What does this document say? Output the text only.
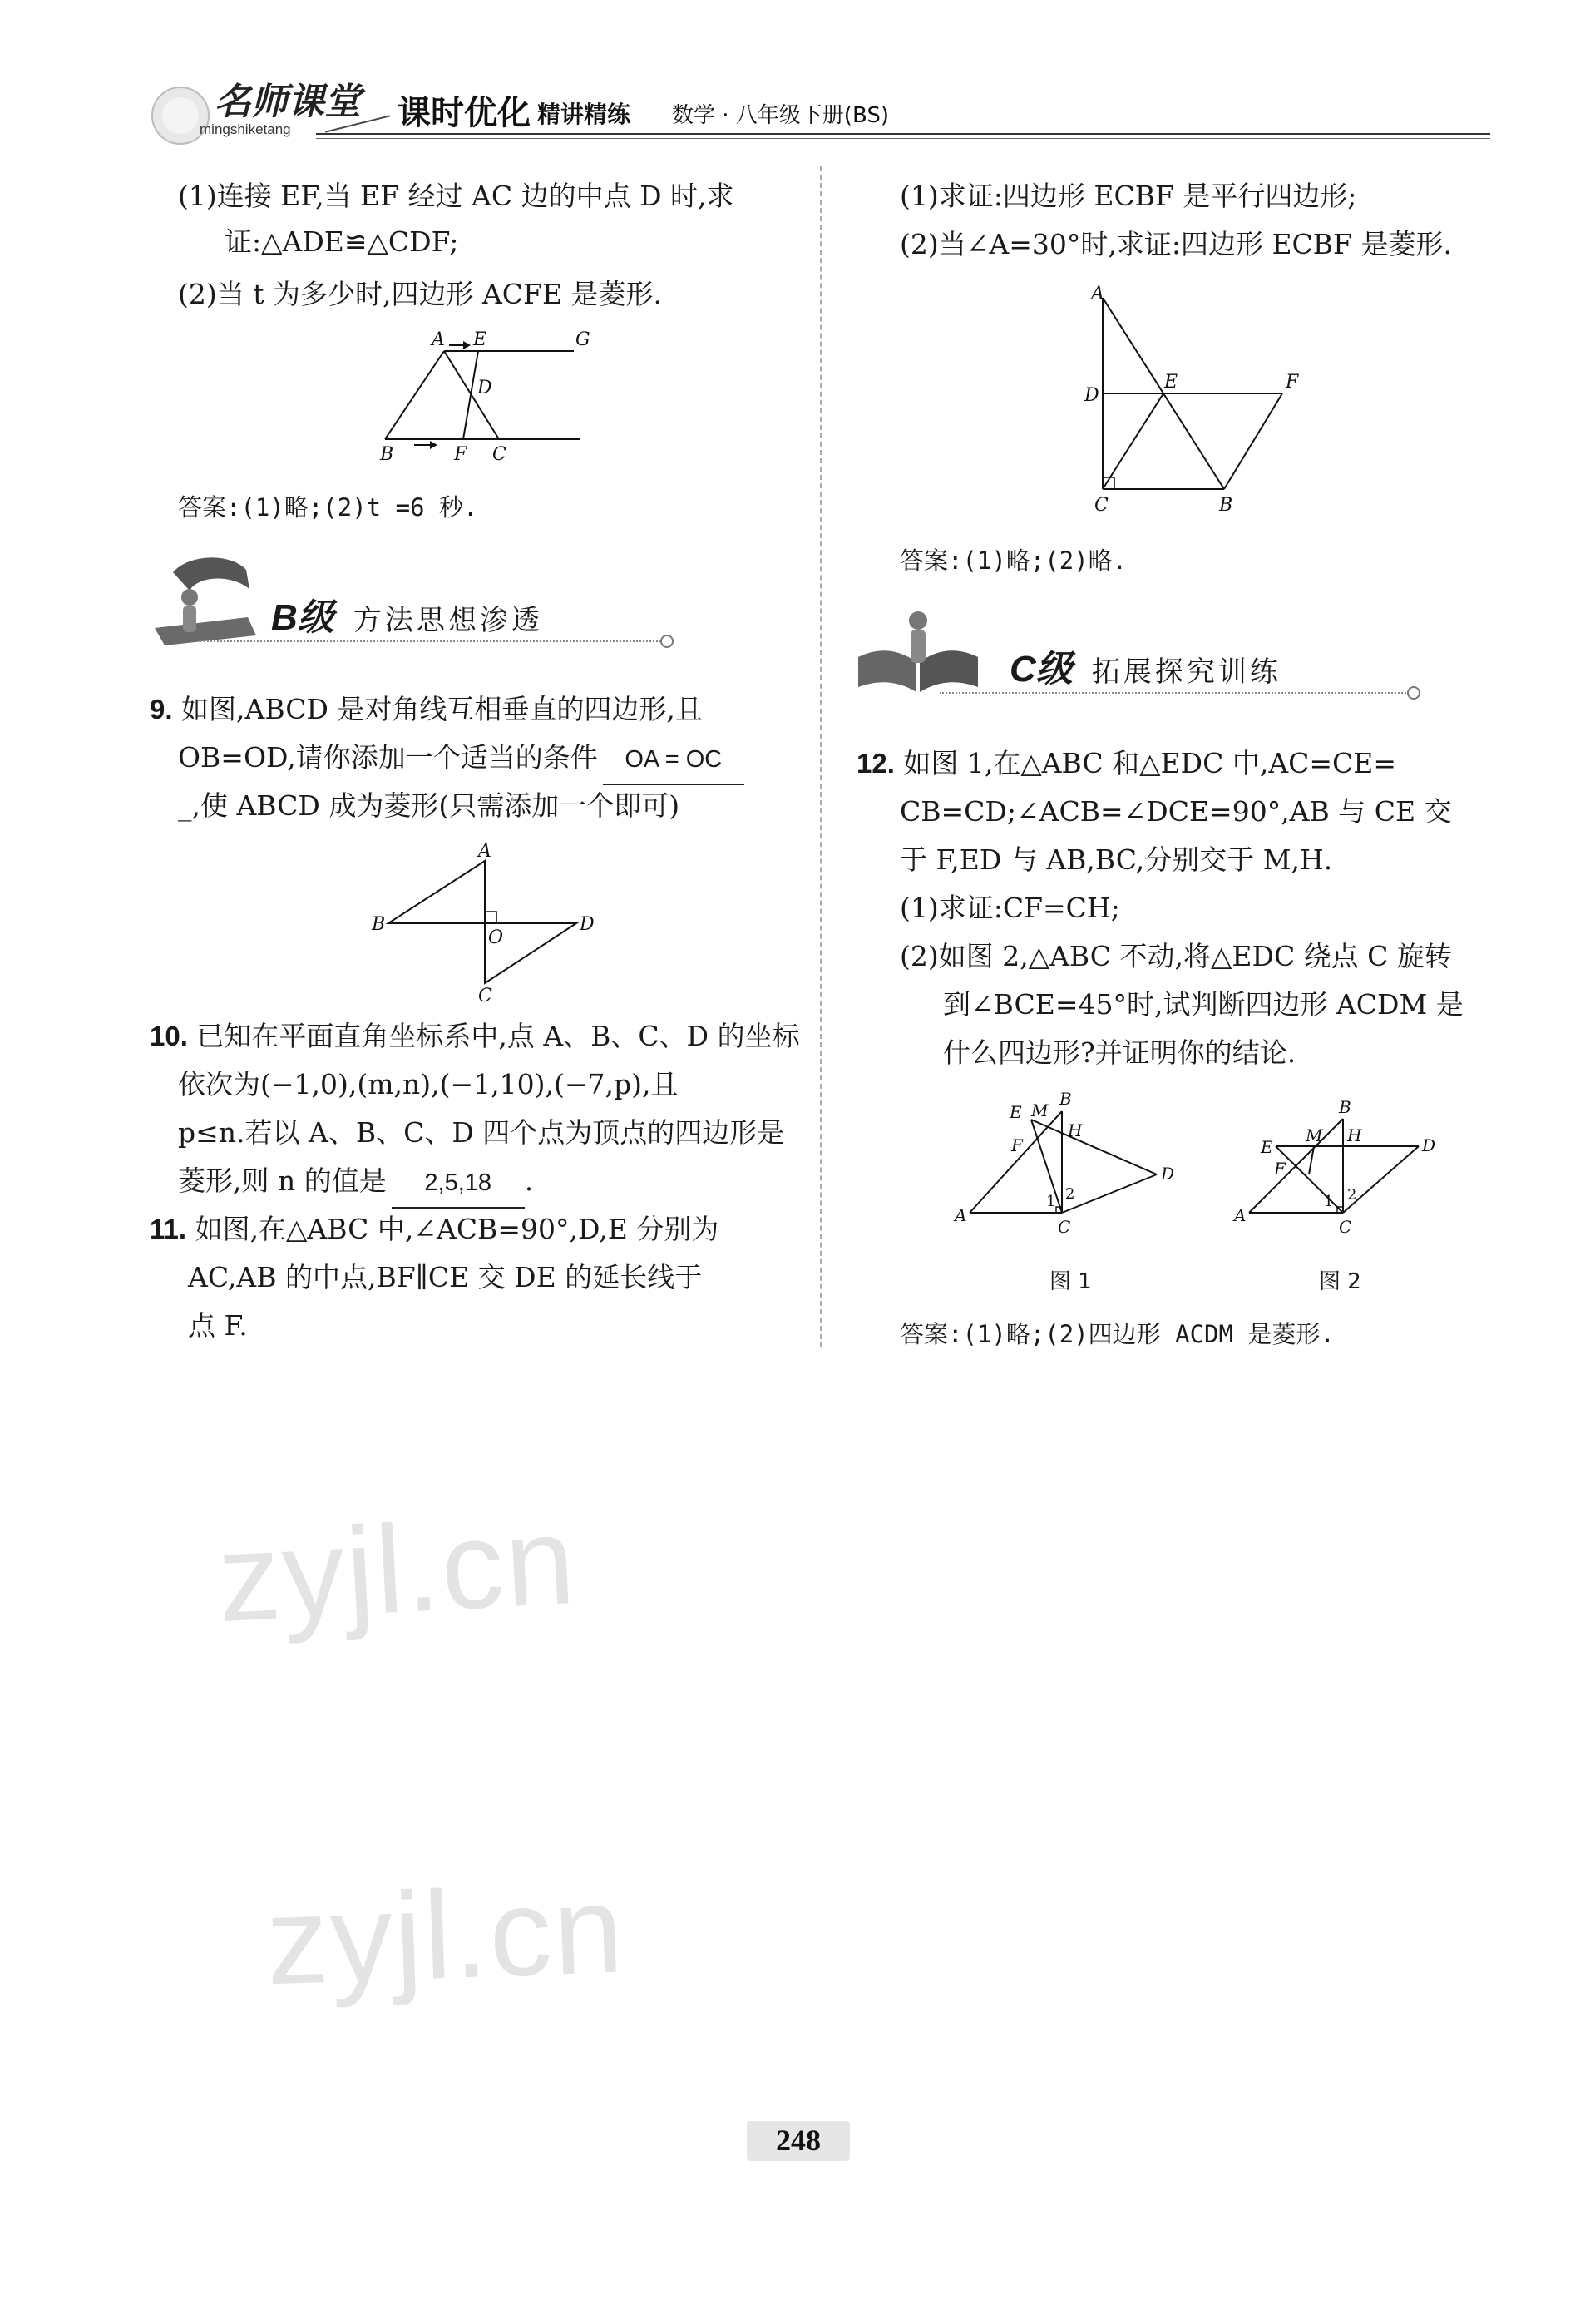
名师课堂
mingshiketang	课时优化 精讲精练 数学 · 八年级下册(BS)
(1)连接 EF,当 EF 经过 AC 边的中点 D 时,求
证:△ADE≌△CDF;
(2)当 t 为多少时,四边形 ACFE 是菱形.
A E	G
D
B	F C
答案:(1)略;(2)t =6 秒.
B级 方法思想渗透
9. 如图,ABCD 是对角线互相垂直的四边形,且
OB=OD,请你添加一个适当的条件 OA = OC
_,使 ABCD 成为菱形(只需添加一个即可)
A
B
O
D
C
10. 已知在平面直角坐标系中,点 A、B、C、D 的坐标
依次为(−1,0),(m,n),(−1,10),(−7,p),且
p≤n.若以 A、B、C、D 四个点为顶点的四边形是
菱形,则 n 的值是 2,5,18 .
11. 如图,在△ABC 中,∠ACB=90°,D,E 分别为
AC,AB 的中点,BF∥CE 交 DE 的延长线于
点 F.
(1)求证:四边形 ECBF 是平行四边形;
(2)当∠A=30°时,求证:四边形 ECBF 是菱形.
A
D
E	F
C	B
答案:(1)略;(2)略.
C级 拓展探究训练
12. 如图 1,在△ABC 和△EDC 中,AC=CE=
CB=CD;∠ACB=∠DCE=90°,AB 与 CE 交
于 F,ED 与 AB,BC,分别交于 M,H.
(1)求证:CF=CH;
(2)如图 2,△ABC 不动,将△EDC 绕点 C 旋转
到∠BCE=45°时,试判断四边形 ACDM 是
什么四边形?并证明你的结论.
E M
B
F
H
D
A
1 2
C
B
E
M H	D
F
A
1 2
C
图 1	图 2
答案:(1)略;(2)四边形 ACDM 是菱形.
zyjl.cn
zyjl.cn
248
